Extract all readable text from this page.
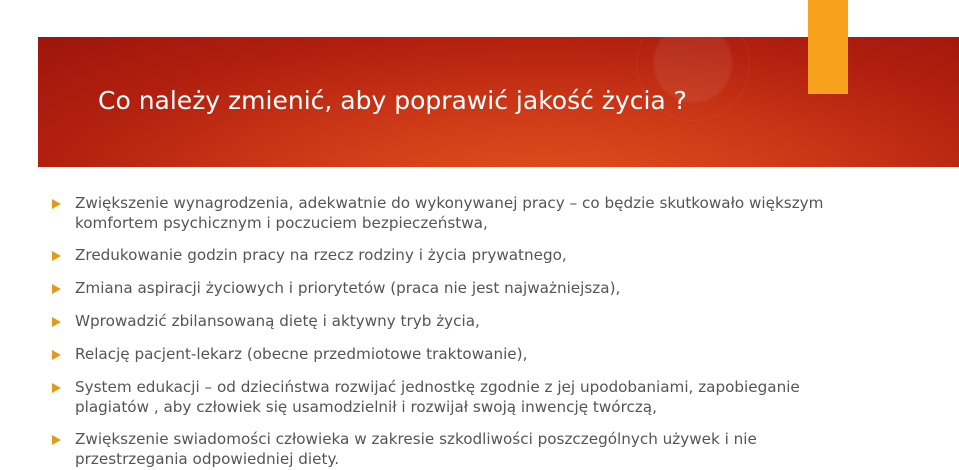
Co należy zmienić, aby poprawić jakość życia ?
Zwiększenie wynagrodzenia, adekwatnie do wykonywanej pracy – co będzie skutkowało większym
komfortem psychicznym i poczuciem bezpieczeństwa,
Zredukowanie godzin pracy na rzecz rodziny i życia prywatnego,
Zmiana aspiracji życiowych i priorytetów (praca nie jest najważniejsza),
Wprowadzić zbilansowaną dietę i aktywny tryb życia,
Relację pacjent-lekarz (obecne przedmiotowe traktowanie),
System edukacji – od dzieciństwa rozwijać jednostkę zgodnie z jej upodobaniami, zapobieganie
plagiatów , aby człowiek się usamodzielnił i rozwijał swoją inwencję twórczą,
Zwiększenie swiadomości człowieka w zakresie szkodliwości poszczególnych używek i nie
przestrzegania odpowiedniej diety.
